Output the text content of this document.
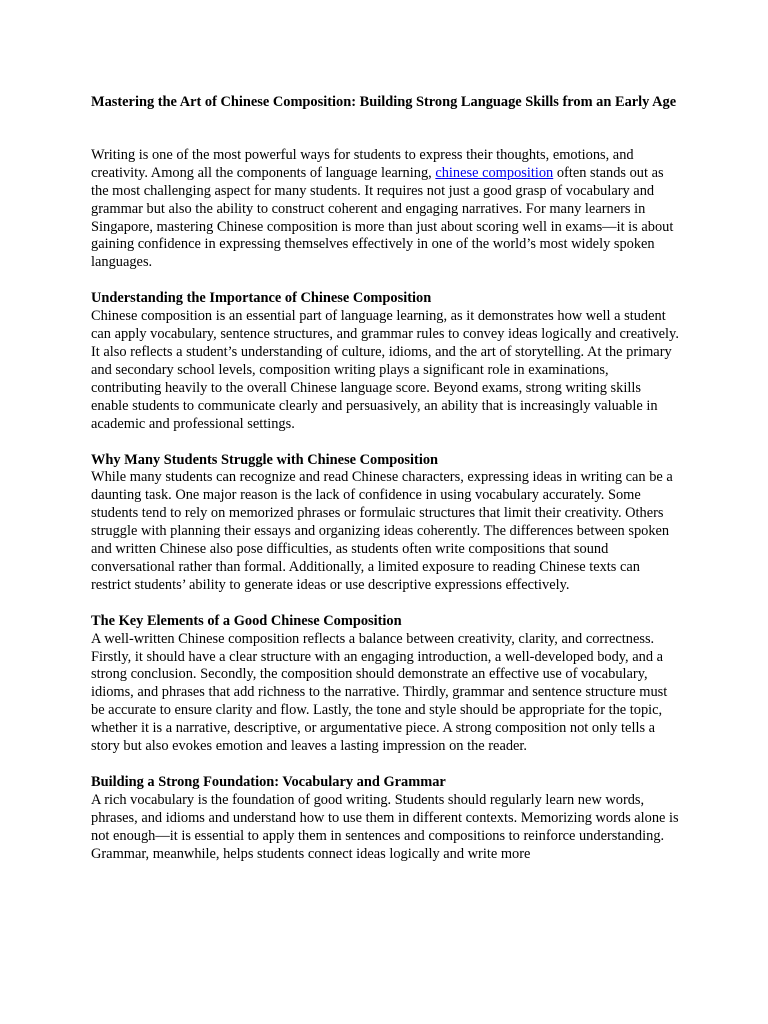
Mastering the Art of Chinese Composition: Building Strong Language Skills from an Early Age

Writing is one of the most powerful ways for students to express their thoughts, emotions, and creativity. Among all the components of language learning, chinese composition often stands out as the most challenging aspect for many students. It requires not just a good grasp of vocabulary and grammar but also the ability to construct coherent and engaging narratives. For many learners in Singapore, mastering Chinese composition is more than just about scoring well in exams—it is about gaining confidence in expressing themselves effectively in one of the world’s most widely spoken languages.

Understanding the Importance of Chinese Composition

Chinese composition is an essential part of language learning, as it demonstrates how well a student can apply vocabulary, sentence structures, and grammar rules to convey ideas logically and creatively. It also reflects a student’s understanding of culture, idioms, and the art of storytelling. At the primary and secondary school levels, composition writing plays a significant role in examinations, contributing heavily to the overall Chinese language score. Beyond exams, strong writing skills enable students to communicate clearly and persuasively, an ability that is increasingly valuable in academic and professional settings.

Why Many Students Struggle with Chinese Composition

While many students can recognize and read Chinese characters, expressing ideas in writing can be a daunting task. One major reason is the lack of confidence in using vocabulary accurately. Some students tend to rely on memorized phrases or formulaic structures that limit their creativity. Others struggle with planning their essays and organizing ideas coherently. The differences between spoken and written Chinese also pose difficulties, as students often write compositions that sound conversational rather than formal. Additionally, a limited exposure to reading Chinese texts can restrict students’ ability to generate ideas or use descriptive expressions effectively.

The Key Elements of a Good Chinese Composition

A well-written Chinese composition reflects a balance between creativity, clarity, and correctness. Firstly, it should have a clear structure with an engaging introduction, a well-developed body, and a strong conclusion. Secondly, the composition should demonstrate an effective use of vocabulary, idioms, and phrases that add richness to the narrative. Thirdly, grammar and sentence structure must be accurate to ensure clarity and flow. Lastly, the tone and style should be appropriate for the topic, whether it is a narrative, descriptive, or argumentative piece. A strong composition not only tells a story but also evokes emotion and leaves a lasting impression on the reader.

Building a Strong Foundation: Vocabulary and Grammar

A rich vocabulary is the foundation of good writing. Students should regularly learn new words, phrases, and idioms and understand how to use them in different contexts. Memorizing words alone is not enough—it is essential to apply them in sentences and compositions to reinforce understanding. Grammar, meanwhile, helps students connect ideas logically and write more
